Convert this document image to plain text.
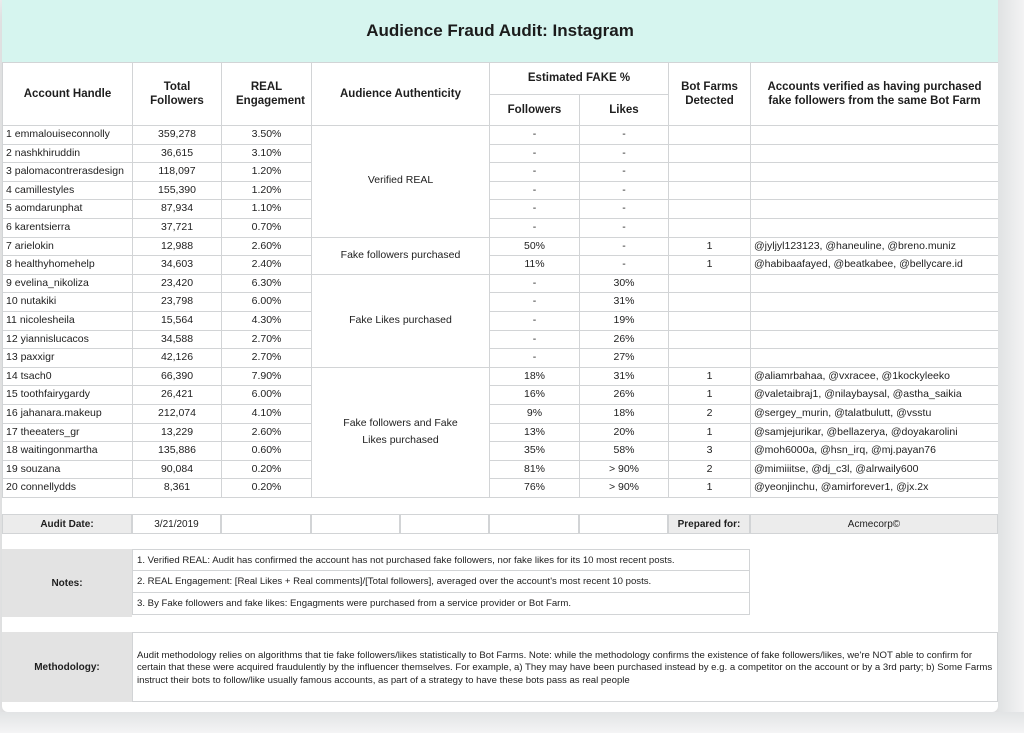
Audience Fraud Audit: Instagram
Account Handle	Total Followers	REAL Engagement	Audience Authenticity	Estimated FAKE %		Bot Farms Detected	Accounts verified as having purchased fake followers from the same Bot Farm
				Followers	Likes		
1 emmalouiseconnolly	359,278	3.50%	Verified REAL	-	-		
2 nashkhiruddin	36,615	3.10%		-	-		
3 palomacontrerasdesign	118,097	1.20%		-	-		
4 camillestyles	155,390	1.20%		-	-		
5 aomdarunphat	87,934	1.10%		-	-		
6 karentsierra	37,721	0.70%		-	-		
7 arielokin	12,988	2.60%	Fake followers purchased	50%	-	1	@jyljyl123123, @haneuline, @breno.muniz
8 healthyhomehelp	34,603	2.40%		11%	-	1	@habibaafayed, @beatkabee, @bellycare.id
9 evelina_nikoliza	23,420	6.30%	Fake Likes purchased	-	30%		
10 nutakiki	23,798	6.00%		-	31%		
11 nicolesheila	15,564	4.30%		-	19%		
12 yiannislucacos	34,588	2.70%		-	26%		
13 paxxigr	42,126	2.70%		-	27%		
14 tsach0	66,390	7.90%	Fake followers and Fake Likes purchased	18%	31%	1	@aliamrbahaa, @vxracee, @1kockyleeko
15 toothfairygardy	26,421	6.00%		16%	26%	1	@valetaibraj1, @nilaybaysal, @astha_saikia
16 jahanara.makeup	212,074	4.10%		9%	18%	2	@sergey_murin, @talatbulutt, @vsstu
17 theeaters_gr	13,229	2.60%		13%	20%	1	@samjejurikar, @bellazerya, @doyakarolini
18 waitingonmartha	135,886	0.60%		35%	58%	3	@moh6000a, @hsn_irq, @mj.payan76
19 souzana	90,084	0.20%		81%	> 90%	2	@mimiiitse, @dj_c3l, @alrwaily600
20 connellydds	8,361	0.20%		76%	> 90%	1	@yeonjinchu, @amirforever1, @jx.2x
Audit Date:	3/21/2019	Prepared for:	Acmecorp©
Notes:
1. Verified REAL: Audit has confirmed the account has not purchased fake followers, nor fake likes for its 10 most recent posts.
2. REAL Engagement: [Real Likes + Real comments]/[Total followers], averaged over the account's most recent 10 posts.
3. By Fake followers and fake likes: Engagments were purchased from a service provider or Bot Farm.
Methodology:
Audit methodology relies on algorithms that tie fake followers/likes statistically to Bot Farms. Note: while the methodology confirms the existence of fake followers/likes, we're NOT able to confirm for certain that these were acquired fraudulently by the influencer themselves. For example, a) They may have been purchased instead by e.g. a competitor on the account or by a 3rd party; b) Some Farms instruct their bots to follow/like usually famous accounts, as part of a strategy to have these bots pass as real people
